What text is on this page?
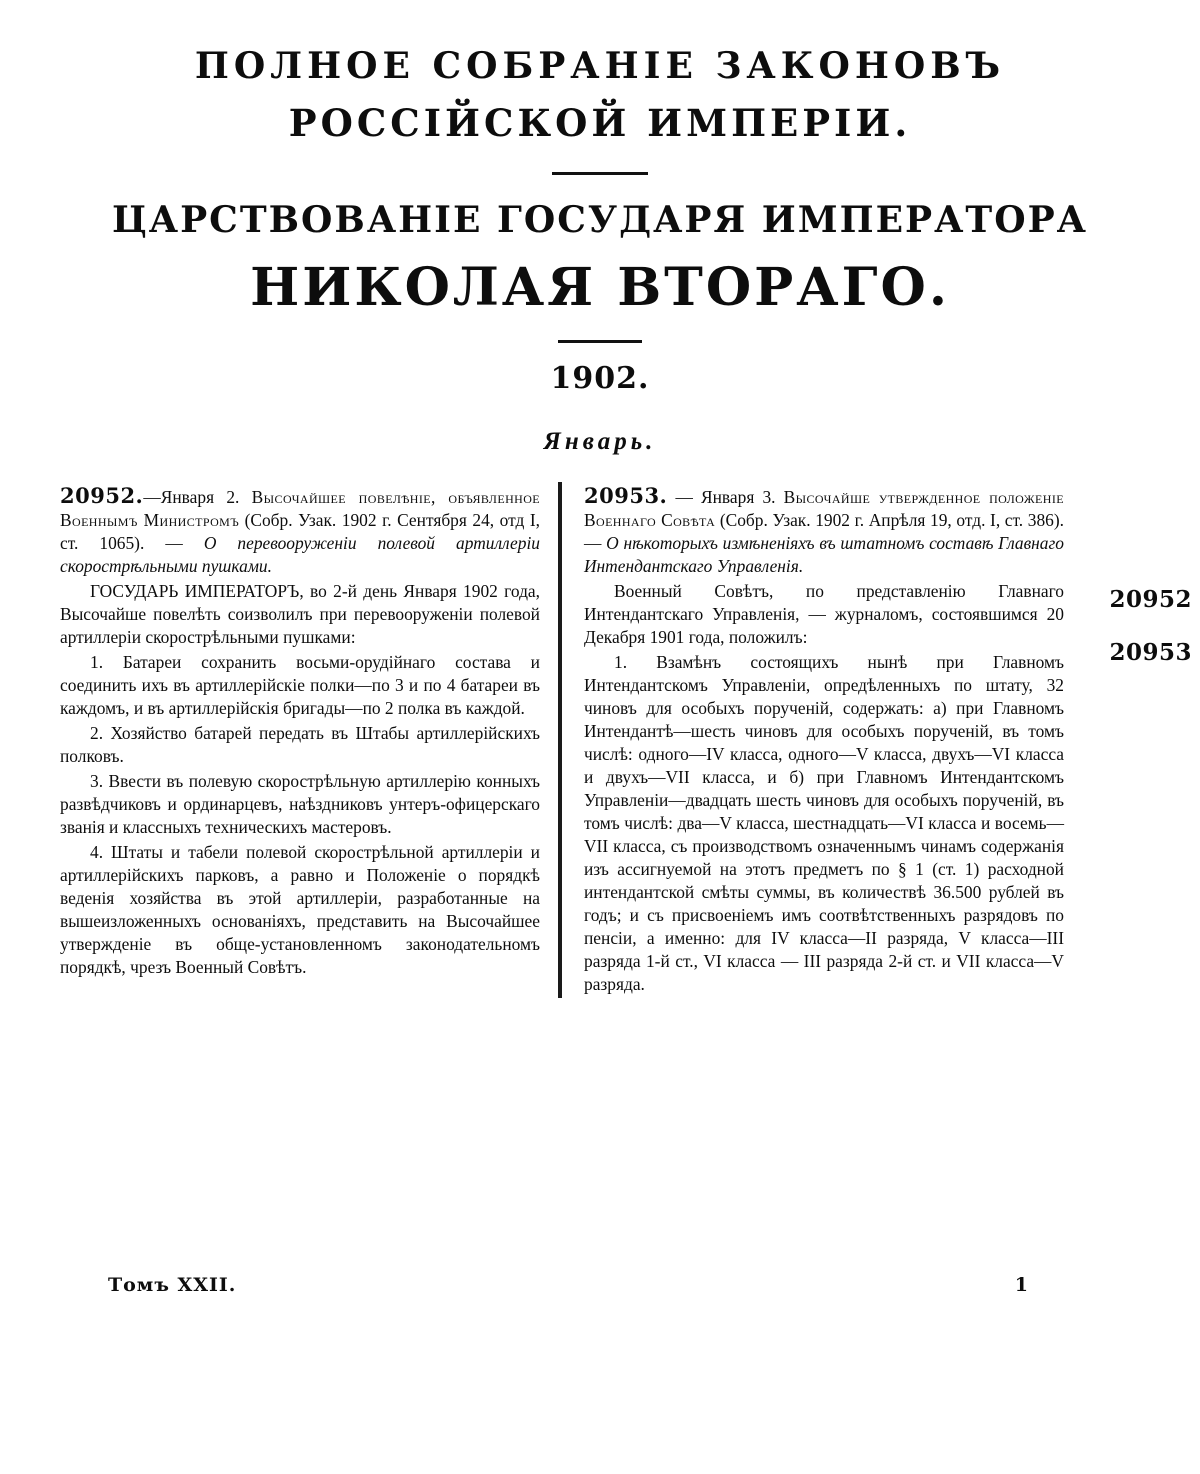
ПОЛНОЕ СОБРАНIЕ ЗАКОНОВЪ
РОССIЙСКОЙ ИМПЕРIИ.
ЦАРСТВОВАНIЕ ГОСУДАРЯ ИМПЕРАТОРА
НИКОЛАЯ ВТОРАГО.
1902.
Январь.

20952.—Января 2. Высочайшее повелѣнiе, объявленное Военнымъ Министромъ (Собр. Узак. 1902 г. Сентября 24, отд I, ст. 1065). — О перевооруженiи полевой артиллерiи скорострѣльными пушками.

ГОСУДАРЬ ИМПЕРАТОРЪ, во 2-й день Января 1902 года, Высочайше повелѣть соизволилъ при перевооруженiи полевой артиллерiи скорострѣльными пушками:

1. Батареи сохранить восьми-орудiйнаго состава и соединить ихъ въ артиллерiйскiе полки—по 3 и по 4 батареи въ каждомъ, и въ артиллерiйскiя бригады—по 2 полка въ каждой.

2. Хозяйство батарей передать въ Штабы артиллерiйскихъ полковъ.

3. Ввести въ полевую скорострѣльную артиллерiю конныхъ развѣдчиковъ и ординарцевъ, наѣздниковъ унтеръ-офицерскаго званiя и классныхъ техническихъ мастеровъ.

4. Штаты и табели полевой скорострѣльной артиллерiи и артиллерiйскихъ парковъ, а равно и Положенiе о порядкѣ веденiя хозяйства въ этой артиллерiи, разработанные на вышеизложенныхъ основанiяхъ, представить на Высочайшее утвержденiе въ обще-установленномъ законодательномъ порядкѣ, чрезъ Военный Совѣтъ.

20953. — Января 3. Высочайше утвержденное положенiе Военнаго Совѣта (Собр. Узак. 1902 г. Апрѣля 19, отд. I, ст. 386).— О нѣкоторыхъ измѣненiяхъ въ штатномъ составѣ Главнаго Интендантскаго Управленiя.

Военный Совѣтъ, по представленiю Главнаго Интендантскаго Управленiя, — журналомъ, состоявшимся 20 Декабря 1901 года, положилъ:

1. Взамѣнъ состоящихъ нынѣ при Главномъ Интендантскомъ Управленiи, опредѣленныхъ по штату, 32 чиновъ для особыхъ порученiй, содержать: а) при Главномъ Интендантѣ—шесть чиновъ для особыхъ порученiй, въ томъ числѣ: одного—IV класса, одного—V класса, двухъ—VI класса и двухъ—VII класса, и б) при Главномъ Интендантскомъ Управленiи—двадцать шесть чиновъ для особыхъ порученiй, въ томъ числѣ: два—V класса, шестнадцать—VI класса и восемь—VII класса, съ производствомъ означеннымъ чинамъ содержанiя изъ ассигнуемой на этотъ предметъ по § 1 (ст. 1) расходной интендантской смѣты суммы, въ количествѣ 36.500 рублей въ годъ; и съ присвоенiемъ имъ соотвѣтственныхъ разрядовъ по пенсiи, а именно: для IV класса—II разряда, V класса—III разряда 1-й ст., VI класса — III разряда 2-й ст. и VII класса—V разряда.

20952
20953
Томъ XXII.	1
